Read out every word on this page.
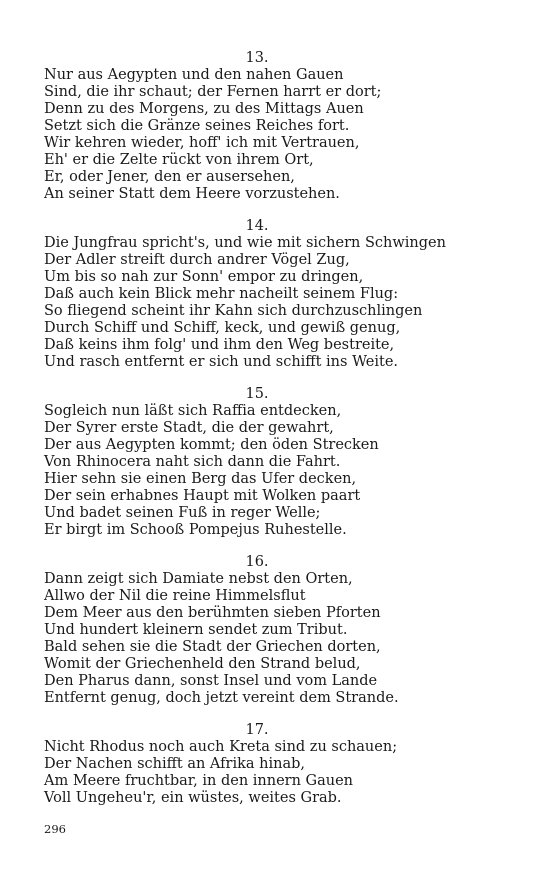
13.
Nur aus Aegypten und den nahen Gauen
Sind, die ihr schaut; der Fernen harrt er dort;
Denn zu des Morgens, zu des Mittags Auen
Setzt sich die Gränze seines Reiches fort.
Wir kehren wieder, hoff' ich mit Vertrauen,
Eh' er die Zelte rückt von ihrem Ort,
Er, oder Jener, den er ausersehen,
An seiner Statt dem Heere vorzustehen.
14.
Die Jungfrau spricht's, und wie mit sichern Schwingen
Der Adler streift durch andrer Vögel Zug,
Um bis so nah zur Sonn' empor zu dringen,
Daß auch kein Blick mehr nacheilt seinem Flug:
So fliegend scheint ihr Kahn sich durchzuschlingen
Durch Schiff und Schiff, keck, und gewiß genug,
Daß keins ihm folg' und ihm den Weg bestreite,
Und rasch entfernt er sich und schifft ins Weite.
15.
Sogleich nun läßt sich Raffia entdecken,
Der Syrer erste Stadt, die der gewahrt,
Der aus Aegypten kommt; den öden Strecken
Von Rhinocera naht sich dann die Fahrt.
Hier sehn sie einen Berg das Ufer decken,
Der sein erhabnes Haupt mit Wolken paart
Und badet seinen Fuß in reger Welle;
Er birgt im Schooß Pompejus Ruhestelle.
16.
Dann zeigt sich Damiate nebst den Orten,
Allwo der Nil die reine Himmelsflut
Dem Meer aus den berühmten sieben Pforten
Und hundert kleinern sendet zum Tribut.
Bald sehen sie die Stadt der Griechen dorten,
Womit der Griechenheld den Strand belud,
Den Pharus dann, sonst Insel und vom Lande
Entfernt genug, doch jetzt vereint dem Strande.
17.
Nicht Rhodus noch auch Kreta sind zu schauen;
Der Nachen schifft an Afrika hinab,
Am Meere fruchtbar, in den innern Gauen
Voll Ungeheu'r, ein wüstes, weites Grab.
296
